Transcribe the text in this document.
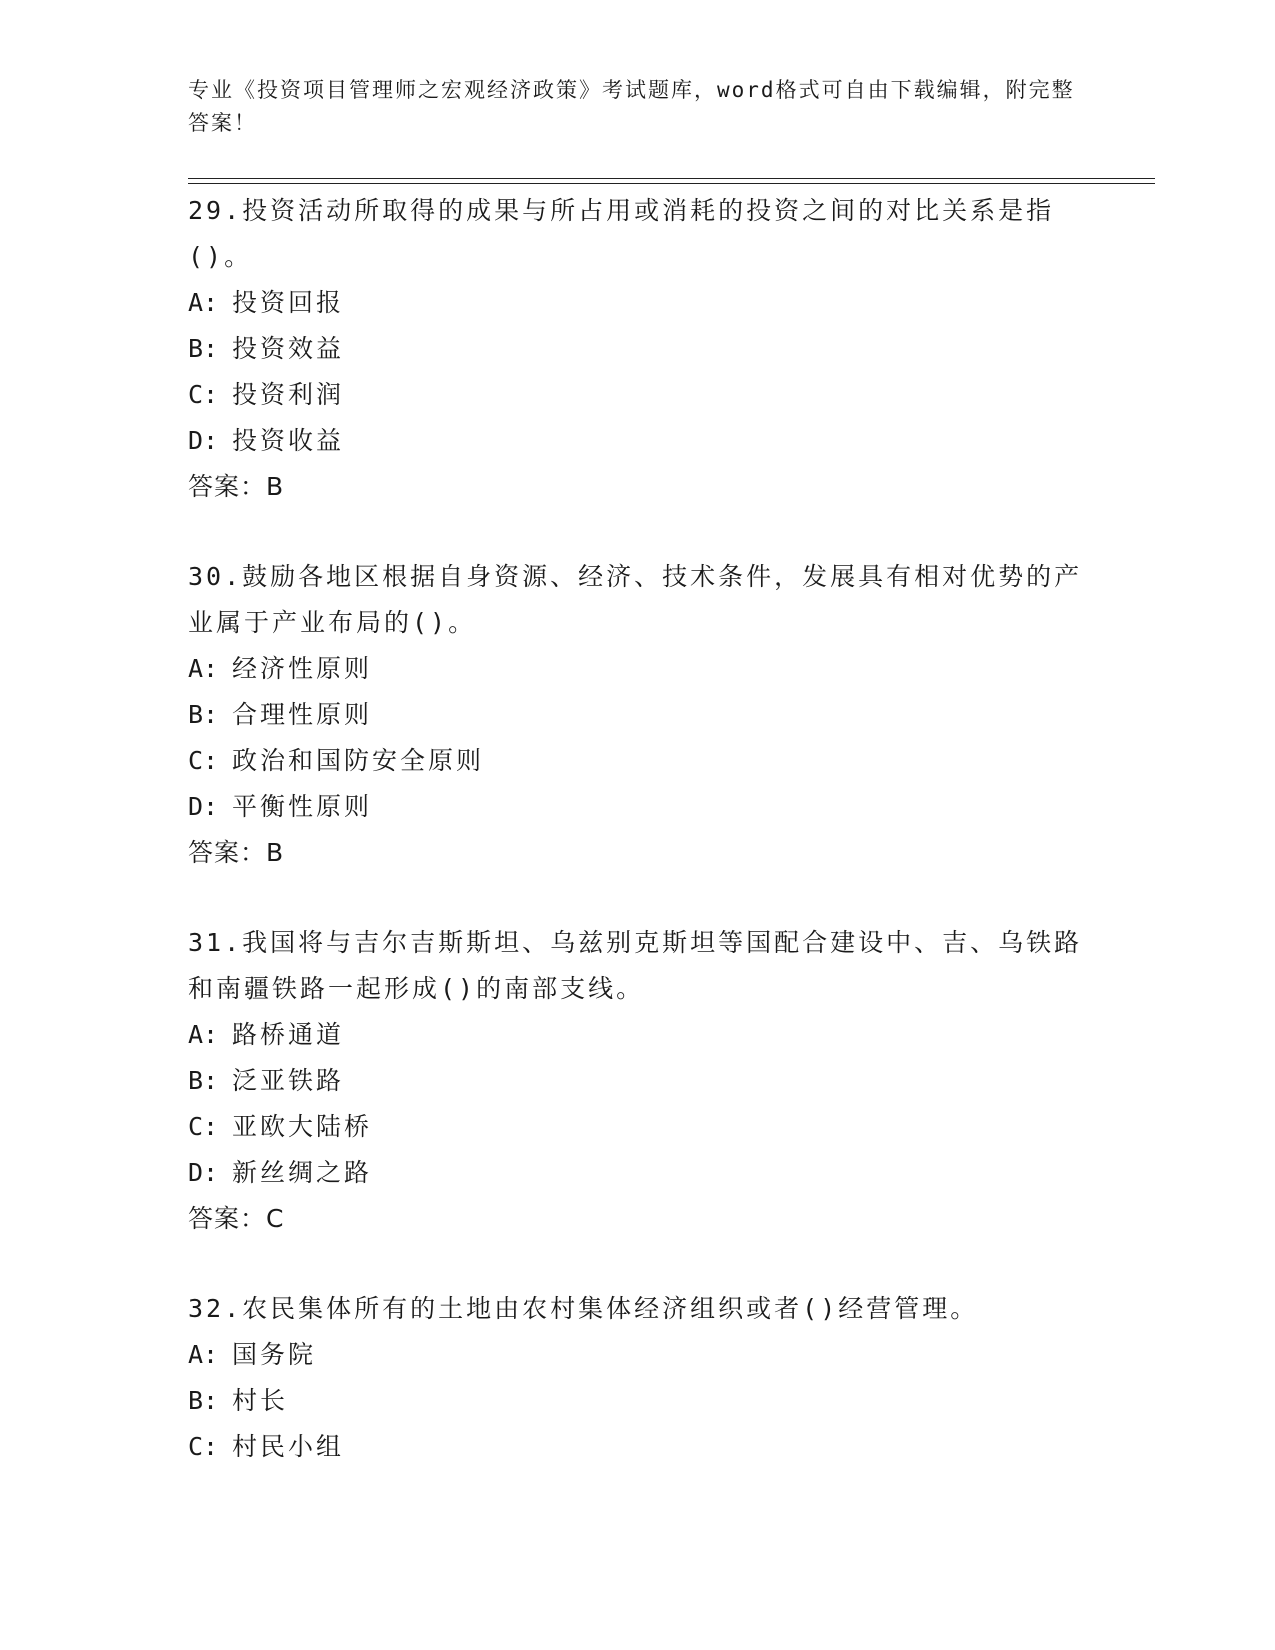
专业《投资项目管理师之宏观经济政策》考试题库，word格式可自由下载编辑，附完整答案！

29.投资活动所取得的成果与所占用或消耗的投资之间的对比关系是指()。

A: 投资回报

B: 投资效益

C: 投资利润

D: 投资收益

答案：B

30.鼓励各地区根据自身资源、经济、技术条件，发展具有相对优势的产业属于产业布局的()。

A: 经济性原则

B: 合理性原则

C: 政治和国防安全原则

D: 平衡性原则

答案：B

31.我国将与吉尔吉斯斯坦、乌兹别克斯坦等国配合建设中、吉、乌铁路和南疆铁路一起形成()的南部支线。

A: 路桥通道

B: 泛亚铁路

C: 亚欧大陆桥

D: 新丝绸之路

答案：C

32.农民集体所有的土地由农村集体经济组织或者()经营管理。

A: 国务院

B: 村长

C: 村民小组
